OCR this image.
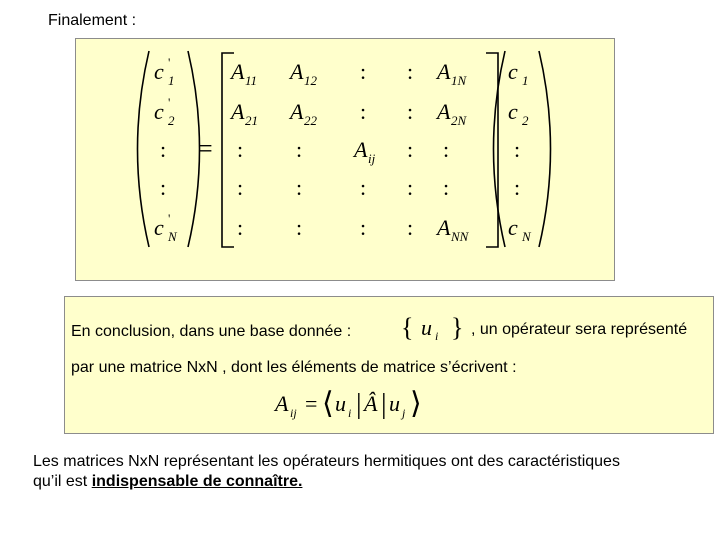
Finalement :
=
c 1
'
c 2
'
:
:
c N
'
A 11 A 12 : : A 1N
A 21 A 22 : : A 2N
: : A ij : :
: :	: : :
: :	: : A NN
c 1
c 2
:
:
c N
En conclusion, dans une base donnée : { u i } , un opérateur sera représenté
par une matrice NxN , dont les éléments de matrice s’écrivent :
A ij = ⟨ u i | Â | u j ⟩
Les matrices NxN représentant les opérateurs hermitiques ont des caractéristiques
qu’il est indispensable de connaître.
